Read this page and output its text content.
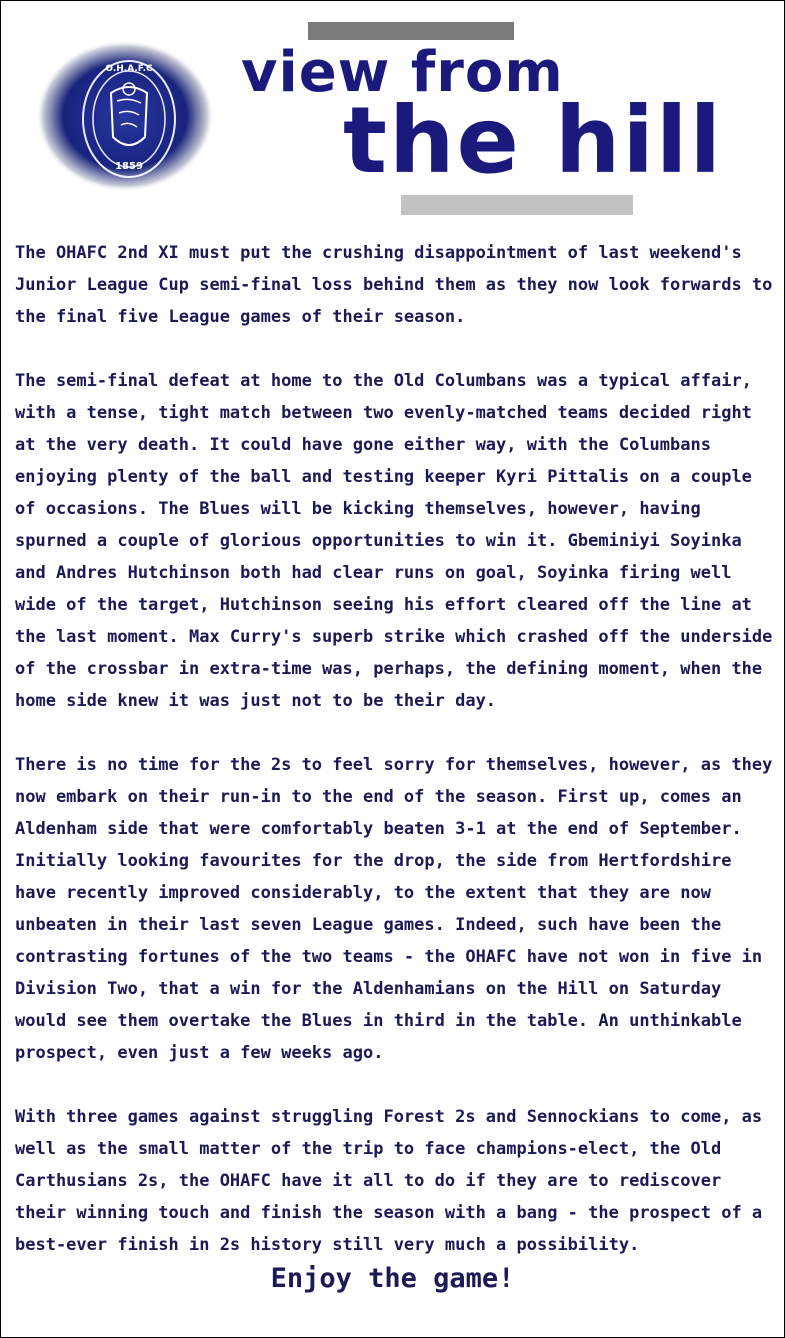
O.H.A.F.C
1859
view from
the hill

The OHAFC 2nd XI must put the crushing disappointment of last weekend's Junior League Cup semi-final loss behind them as they now look forwards to the final five League games of their season.

The semi-final defeat at home to the Old Columbans was a typical affair, with a tense, tight match between two evenly-matched teams decided right at the very death. It could have gone either way, with the Columbans enjoying plenty of the ball and testing keeper Kyri Pittalis on a couple of occasions. The Blues will be kicking themselves, however, having spurned a couple of glorious opportunities to win it. Gbeminiyi Soyinka and Andres Hutchinson both had clear runs on goal, Soyinka firing well wide of the target, Hutchinson seeing his effort cleared off the line at the last moment. Max Curry's superb strike which crashed off the underside of the crossbar in extra-time was, perhaps, the defining moment, when the home side knew it was just not to be their day.

There is no time for the 2s to feel sorry for themselves, however, as they now embark on their run-in to the end of the season. First up, comes an Aldenham side that were comfortably beaten 3-1 at the end of September. Initially looking favourites for the drop, the side from Hertfordshire have recently improved considerably, to the extent that they are now unbeaten in their last seven League games. Indeed, such have been the contrasting fortunes of the two teams - the OHAFC have not won in five in Division Two, that a win for the Aldenhamians on the Hill on Saturday would see them overtake the Blues in third in the table. An unthinkable prospect, even just a few weeks ago.

With three games against struggling Forest 2s and Sennockians to come, as well as the small matter of the trip to face champions-elect, the Old Carthusians 2s, the OHAFC have it all to do if they are to rediscover their winning touch and finish the season with a bang - the prospect of a best-ever finish in 2s history still very much a possibility.

Enjoy the game!
